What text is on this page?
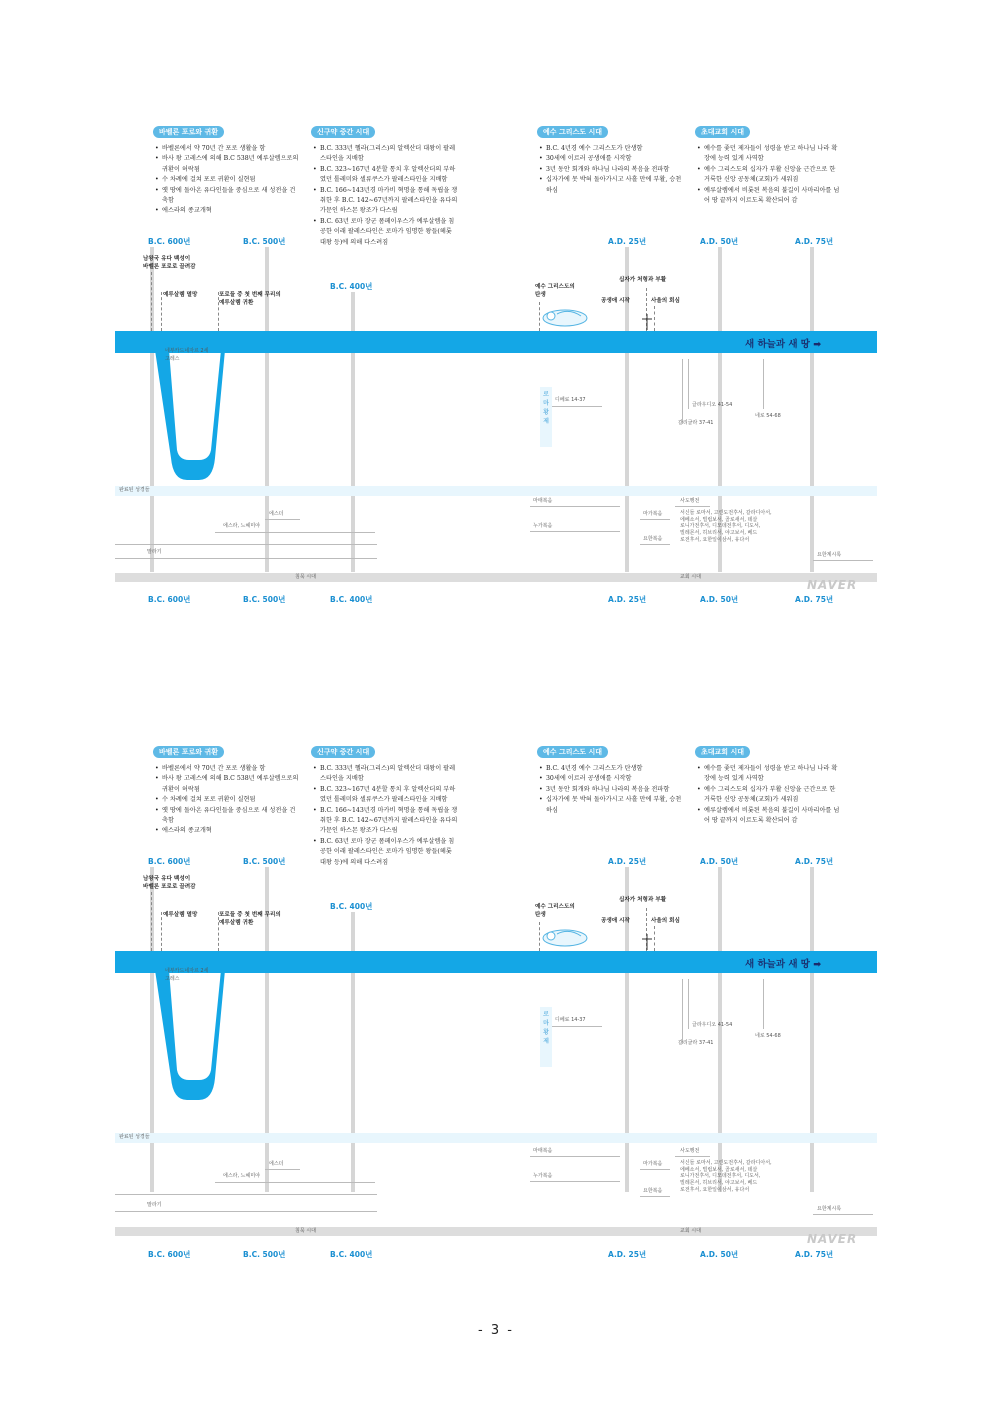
바벨론 포로와 귀환	신구약 중간 시대	예수 그리스도 시대	초대교회 시대
• 바벨론에서 약 70년 간 포로 생활을 함
• 바사 왕 고레스에 의해 B.C 538년 예루살렘으로의 귀환이 허락됨
• 수 차례에 걸쳐 포로 귀환이 실현됨
• 옛 땅에 돌아온 유다인들을 중심으로 새 성전을 건축함
• 에스라의 종교개혁
• B.C. 333년 헬라(그리스)의 알렉산더 대왕이 팔레스타인을 지배함
• B.C. 323~167년 4분할 통치 후 알렉산더의 부하였던 톨레미와 셀류쿠스가 팔레스타인을 지배함
• B.C. 166~143년경 마카비 혁명을 통해 독립을 쟁취한 후 B.C. 142~67년까지 팔레스타인을 유다의 가문인 하스몬 왕조가 다스림
• B.C. 63년 로마 장군 폼페이우스가 예루살렘을 침공한 이래 팔레스타인은 로마가 임명한 왕들(헤롯 대왕 등)에 의해 다스려짐
• B.C. 4년경 예수 그리스도가 탄생함
• 30세에 이르러 공생애를 시작함
• 3년 동안 회개와 하나님 나라의 복음을 전파함
• 십자가에 못 박혀 돌아가시고 사흘 만에 부활, 승천하심
• 예수를 좇던 제자들이 성령을 받고 하나님 나라 확장에 능력 있게 사역함
• 예수 그리스도의 십자가 부활 신앙을 근간으로 한 거룩한 신앙 공동체(교회)가 세워짐
• 예루살렘에서 비롯된 복음의 불길이 사마리아를 넘어 땅 끝까지 이르도록 확산되어 감
B.C. 600년	B.C. 500년
B.C. 400년
A.D. 25년	A.D. 50년	A.D. 75년
남왕국 유다 백성이
바벨론 포로로 끌려감
예루살렘 멸망	포로들 중 첫 번째 무리의
예루살렘 귀환
예수 그리스도의
탄생
공생애 시작
십자가 처형과 부활
사울의 회심
새 하늘과 새 땅 ➡
네부카드네자르 2세
고레스
로마황제
디베료 14-37
글라우디오 41-54
갈리굴라 37-41
네로 54-68
완료된 성경들
에스더
에스라, 느헤미야
말라기
마태복음
누가복음
마가복음
요한복음
사도행전
서신들 로마서, 고린도전후서, 갈라디아서,
에베소서, 빌립보서, 골로새서, 데살
로니가전후서, 디모데전후서, 디도서,
빌레몬서, 히브리서, 야고보서, 베드
로전후서, 요한일이삼서, 유다서
요한계시록
침묵 시대	교회 시대
NAVER
B.C. 600년	B.C. 500년	B.C. 400년	A.D. 25년	A.D. 50년	A.D. 75년
바벨론 포로와 귀환	신구약 중간 시대	예수 그리스도 시대	초대교회 시대
• 바벨론에서 약 70년 간 포로 생활을 함
• 바사 왕 고레스에 의해 B.C 538년 예루살렘으로의 귀환이 허락됨
• 수 차례에 걸쳐 포로 귀환이 실현됨
• 옛 땅에 돌아온 유다인들을 중심으로 새 성전을 건축함
• 에스라의 종교개혁
• B.C. 333년 헬라(그리스)의 알렉산더 대왕이 팔레스타인을 지배함
• B.C. 323~167년 4분할 통치 후 알렉산더의 부하였던 톨레미와 셀류쿠스가 팔레스타인을 지배함
• B.C. 166~143년경 마카비 혁명을 통해 독립을 쟁취한 후 B.C. 142~67년까지 팔레스타인을 유다의 가문인 하스몬 왕조가 다스림
• B.C. 63년 로마 장군 폼페이우스가 예루살렘을 침공한 이래 팔레스타인은 로마가 임명한 왕들(헤롯 대왕 등)에 의해 다스려짐
• B.C. 4년경 예수 그리스도가 탄생함
• 30세에 이르러 공생애를 시작함
• 3년 동안 회개와 하나님 나라의 복음을 전파함
• 십자가에 못 박혀 돌아가시고 사흘 만에 부활, 승천하심
• 예수를 좇던 제자들이 성령을 받고 하나님 나라 확장에 능력 있게 사역함
• 예수 그리스도의 십자가 부활 신앙을 근간으로 한 거룩한 신앙 공동체(교회)가 세워짐
• 예루살렘에서 비롯된 복음의 불길이 사마리아를 넘어 땅 끝까지 이르도록 확산되어 감
B.C. 600년	B.C. 500년
B.C. 400년
A.D. 25년	A.D. 50년	A.D. 75년
남왕국 유다 백성이
바벨론 포로로 끌려감
예루살렘 멸망	포로들 중 첫 번째 무리의
예루살렘 귀환
예수 그리스도의
탄생
공생애 시작
십자가 처형과 부활
사울의 회심
새 하늘과 새 땅 ➡
네부카드네자르 2세
고레스
로마황제
디베료 14-37
글라우디오 41-54
갈리굴라 37-41
네로 54-68
완료된 성경들
에스더
에스라, 느헤미야
말라기
마태복음
누가복음
마가복음
요한복음
사도행전
서신들 로마서, 고린도전후서, 갈라디아서,
에베소서, 빌립보서, 골로새서, 데살
로니가전후서, 디모데전후서, 디도서,
빌레몬서, 히브리서, 야고보서, 베드
로전후서, 요한일이삼서, 유다서
요한계시록
침묵 시대	교회 시대
NAVER
B.C. 600년	B.C. 500년	B.C. 400년	A.D. 25년	A.D. 50년	A.D. 75년
- 3 -
